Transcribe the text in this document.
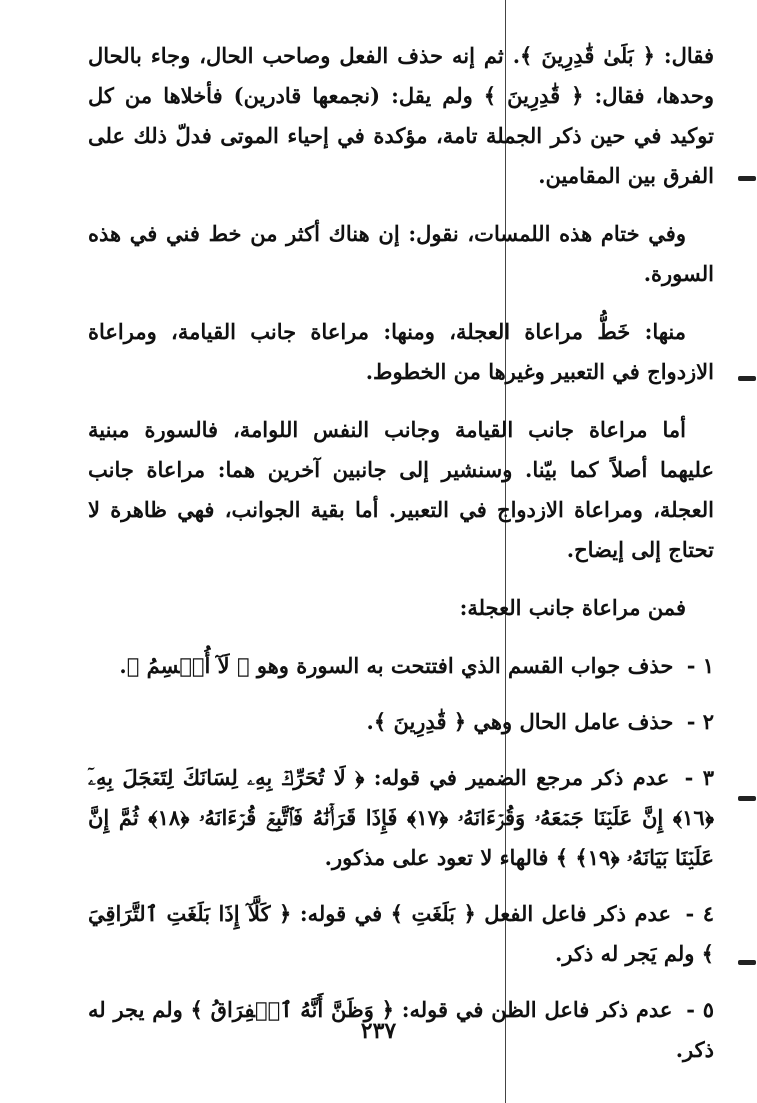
فقال: ﴿ بَلَىٰ قَٰدِرِينَ ﴾. ثم إنه حذف الفعل وصاحب الحال، وجاء بالحال وحدها، فقال: ﴿ قَٰدِرِينَ ﴾ ولم يقل: (نجمعها قادرين) فأخلاها من كل توكيد في حين ذكر الجملة تامة، مؤكدة في إحياء الموتى فدلّ ذلك على الفرق بين المقامين.

وفي ختام هذه اللمسات، نقول: إن هناك أكثر من خط فني في هذه السورة.

منها: خَطُّ مراعاة العجلة، ومنها: مراعاة جانب القيامة، ومراعاة الازدواج في التعبير وغيرها من الخطوط.

أما مراعاة جانب القيامة وجانب النفس اللوامة، فالسورة مبنية عليهما أصلاً كما بيّنا. وسنشير إلى جانبين آخرين هما: مراعاة جانب العجلة، ومراعاة الازدواج في التعبير. أما بقية الجوانب، فهي ظاهرة لا تحتاج إلى إيضاح.

فمن مراعاة جانب العجلة:

١ - حذف جواب القسم الذي افتتحت به السورة وهو ﴿ لَآ أُقۡسِمُ ﴾.

٢ - حذف عامل الحال وهي ﴿ قَٰدِرِينَ ﴾.

٣ - عدم ذكر مرجع الضمير في قوله: ﴿ لَا تُحَرِّكۡ بِهِۦ لِسَانَكَ لِتَعۡجَلَ بِهِۦٓ ﴿١٦﴾ إِنَّ عَلَيۡنَا جَمۡعَهُۥ وَقُرۡءَانَهُۥ ﴿١٧﴾ فَإِذَا قَرَأۡنَٰهُ فَٱتَّبِعۡ قُرۡءَانَهُۥ ﴿١٨﴾ ثُمَّ إِنَّ عَلَيۡنَا بَيَانَهُۥ ﴿١٩﴾ ﴾ فالهاء لا تعود على مذكور.

٤ - عدم ذكر فاعل الفعل ﴿ بَلَغَتِ ﴾ في قوله: ﴿ كَلَّآ إِذَا بَلَغَتِ ٱلتَّرَاقِيَ ﴾ ولم يَجر له ذكر.

٥ - عدم ذكر فاعل الظن في قوله: ﴿ وَظَنَّ أَنَّهُ ٱلۡفِرَاقُ ﴾ ولم يجر له ذكر.

٢٣٧
